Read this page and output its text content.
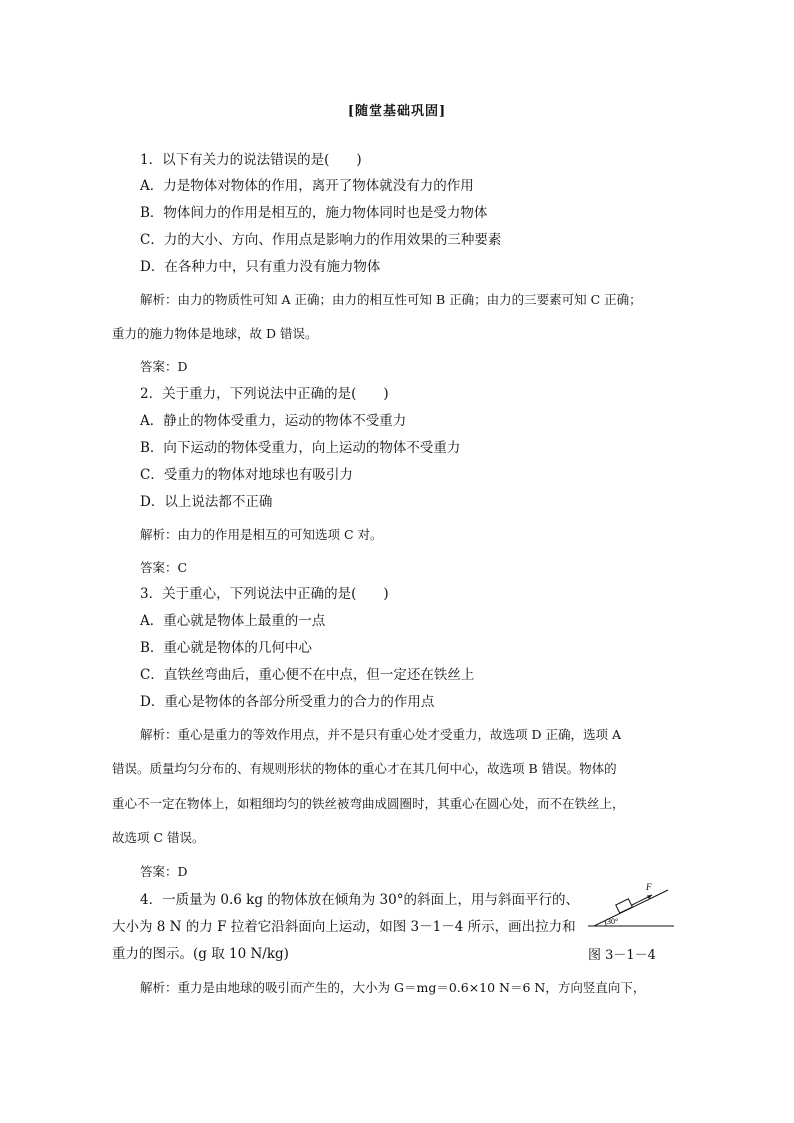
[随堂基础巩固]
1．以下有关力的说法错误的是(　　)
A．力是物体对物体的作用，离开了物体就没有力的作用
B．物体间力的作用是相互的，施力物体同时也是受力物体
C．力的大小、方向、作用点是影响力的作用效果的三种要素
D．在各种力中，只有重力没有施力物体
解析：由力的物质性可知 A 正确；由力的相互性可知 B 正确；由力的三要素可知 C 正确；
重力的施力物体是地球，故 D 错误。
答案：D
2．关于重力，下列说法中正确的是(　　)
A．静止的物体受重力，运动的物体不受重力
B．向下运动的物体受重力，向上运动的物体不受重力
C．受重力的物体对地球也有吸引力
D．以上说法都不正确
解析：由力的作用是相互的可知选项 C 对。
答案：C
3．关于重心，下列说法中正确的是(　　)
A．重心就是物体上最重的一点
B．重心就是物体的几何中心
C．直铁丝弯曲后，重心便不在中点，但一定还在铁丝上
D．重心是物体的各部分所受重力的合力的作用点
解析：重心是重力的等效作用点，并不是只有重心处才受重力，故选项 D 正确，选项 A
错误。质量均匀分布的、有规则形状的物体的重心才在其几何中心，故选项 B 错误。物体的
重心不一定在物体上，如粗细均匀的铁丝被弯曲成圆圈时，其重心在圆心处，而不在铁丝上，
故选项 C 错误。
答案：D
4．一质量为 0.6 kg 的物体放在倾角为 30°的斜面上，用与斜面平行的、
大小为 8 N 的力 F 拉着它沿斜面向上运动，如图 3－1－4 所示，画出拉力和
重力的图示。(g 取 10 N/kg)
F
30°
图 3－1－4
解析：重力是由地球的吸引而产生的，大小为 G＝mg＝0.6×10 N＝6 N，方向竖直向下，
